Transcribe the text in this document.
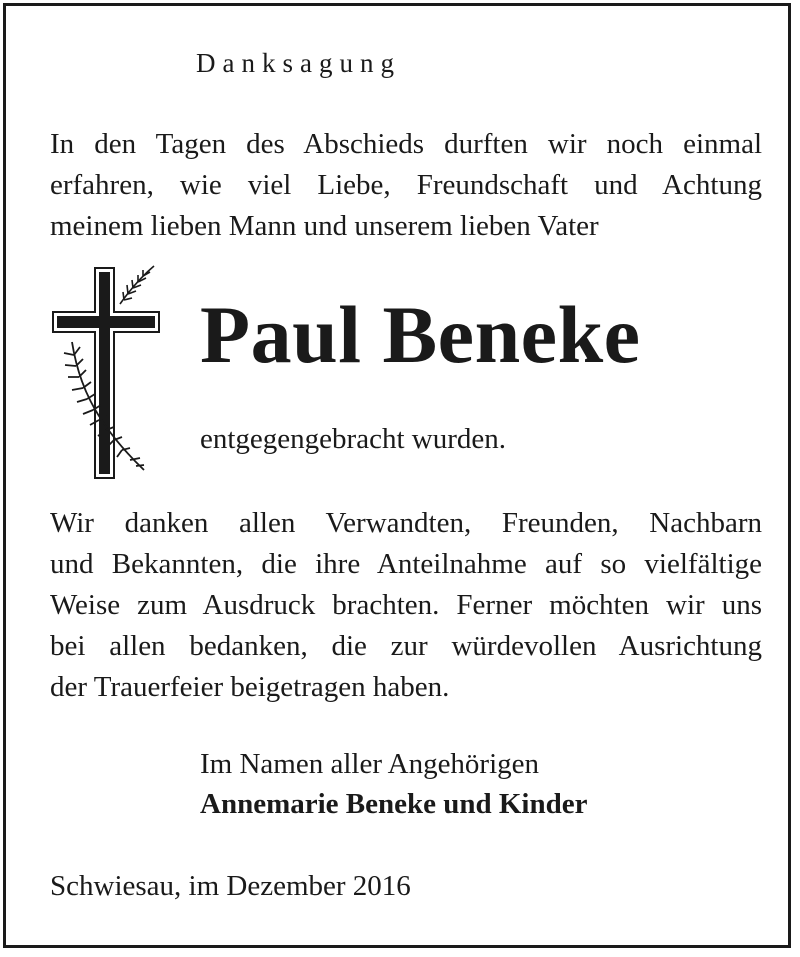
Danksagung
In den Tagen des Abschieds durften wir noch einmal
erfahren, wie viel Liebe, Freundschaft und Achtung
meinem lieben Mann und unserem lieben Vater
Paul Beneke
entgegengebracht wurden.
Wir danken allen Verwandten, Freunden, Nachbarn
und Bekannten, die ihre Anteilnahme auf so vielfältige
Weise zum Ausdruck brachten. Ferner möchten wir uns
bei allen bedanken, die zur würdevollen Ausrichtung
der Trauerfeier beigetragen haben.
Im Namen aller Angehörigen
Annemarie Beneke und Kinder
Schwiesau, im Dezember 2016
